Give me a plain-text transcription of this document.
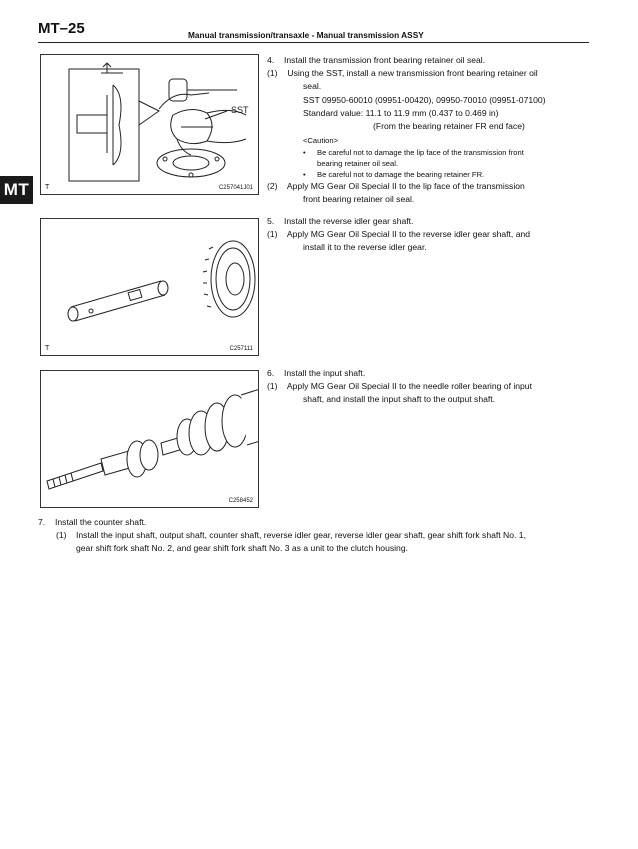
MT–25	Manual transmission/transaxle - Manual transmission ASSY
MT
SST
T	C257041J01
T	C257111
C258452

4. Install the transmission front bearing retainer oil seal.

(1) Using the SST, install a new transmission front bearing retainer oil

seal.

SST 09950-60010 (09951-00420), 09950-70010 (09951-07100)

Standard value: 11.1 to 11.9 mm (0.437 to 0.469 in)

(From the bearing retainer FR end face)

<Caution>

• Be careful not to damage the lip face of the transmission front

bearing retainer oil seal.

• Be careful not to damage the bearing retainer FR.

(2) Apply MG Gear Oil Special II to the lip face of the transmission

front bearing retainer oil seal.

5. Install the reverse idler gear shaft.

(1) Apply MG Gear Oil Special II to the reverse idler gear shaft, and

install it to the reverse idler gear.

6. Install the input shaft.

(1) Apply MG Gear Oil Special II to the needle roller bearing of input

shaft, and install the input shaft to the output shaft.

7. Install the counter shaft.

(1)	Install the input shaft, output shaft, counter shaft, reverse idler gear, reverse idler gear shaft, gear shift fork shaft No. 1,

gear shift fork shaft No. 2, and gear shift fork shaft No. 3 as a unit to the clutch housing.
